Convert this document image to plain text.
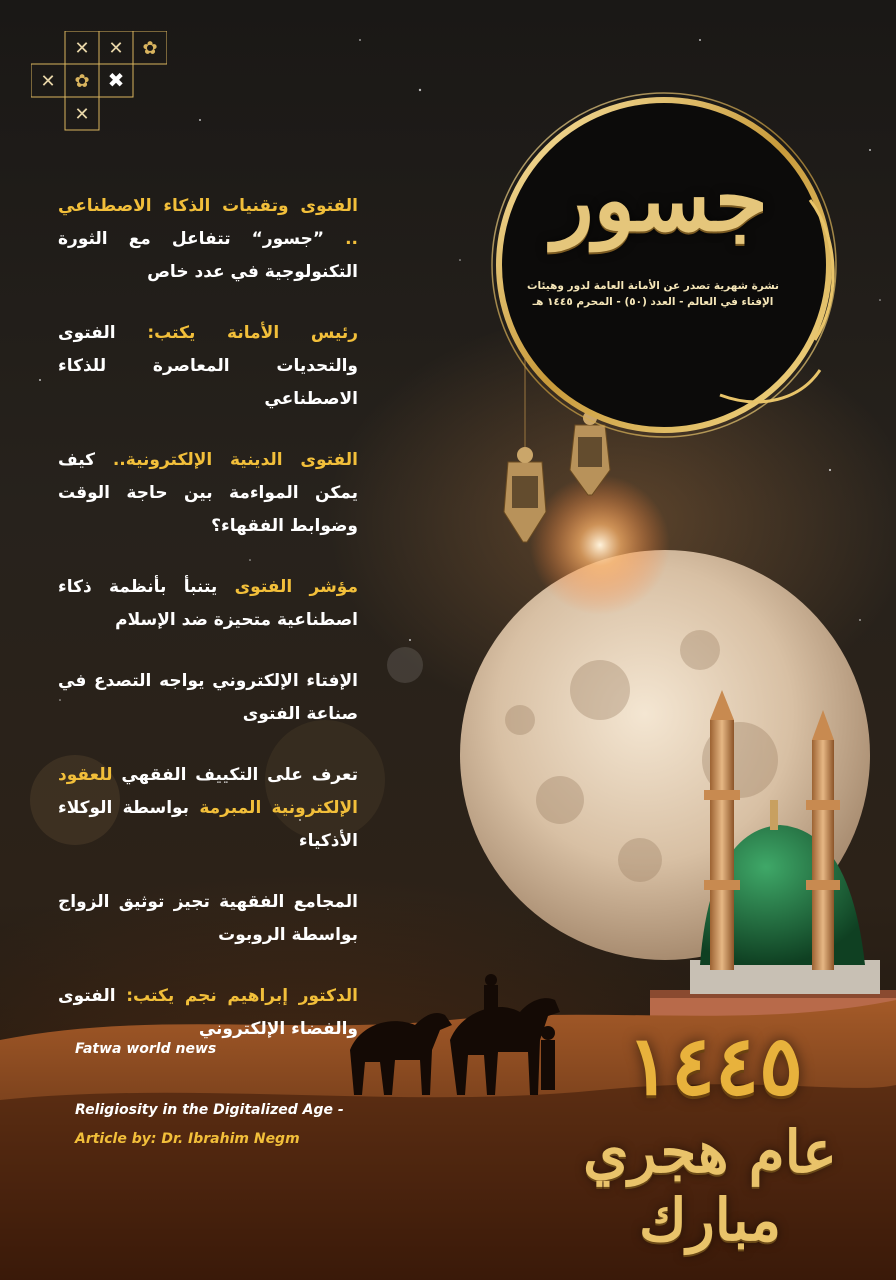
✕ ✕ ✿
✕ ✿ ✖
✕
جسور
نشرة شهرية تصدر عن الأمانة العامة لدور وهيئات
الإفتاء في العالم - العدد (٥٠) - المحرم ١٤٤٥ هـ
الفتوى وتقنيات الذكاء الاصطناعي .. ”جسور“ تتفاعل مع الثورة التكنولوجية في عدد خاص
رئيس الأمانة يكتب: الفتوى والتحديات المعاصرة للذكاء الاصطناعي
الفتوى الدينية الإلكترونية.. كيف يمكن المواءمة بين حاجة الوقت وضوابط الفقهاء؟
مؤشر الفتوى يتنبأ بأنظمة ذكاء اصطناعية متحيزة ضد الإسلام
الإفتاء الإلكتروني يواجه التصدع في صناعة الفتوى
تعرف على التكييف الفقهي للعقود الإلكترونية المبرمة بواسطة الوكلاء الأذكياء
المجامع الفقهية تجيز توثيق الزواج بواسطة الروبوت
الدكتور إبراهيم نجم يكتب: الفتوى والفضاء الإلكتروني
Fatwa world news
Religiosity in the Digitalized Age -
Article by: Dr. Ibrahim Negm
١٤٤٥
عام هجري مبارك
